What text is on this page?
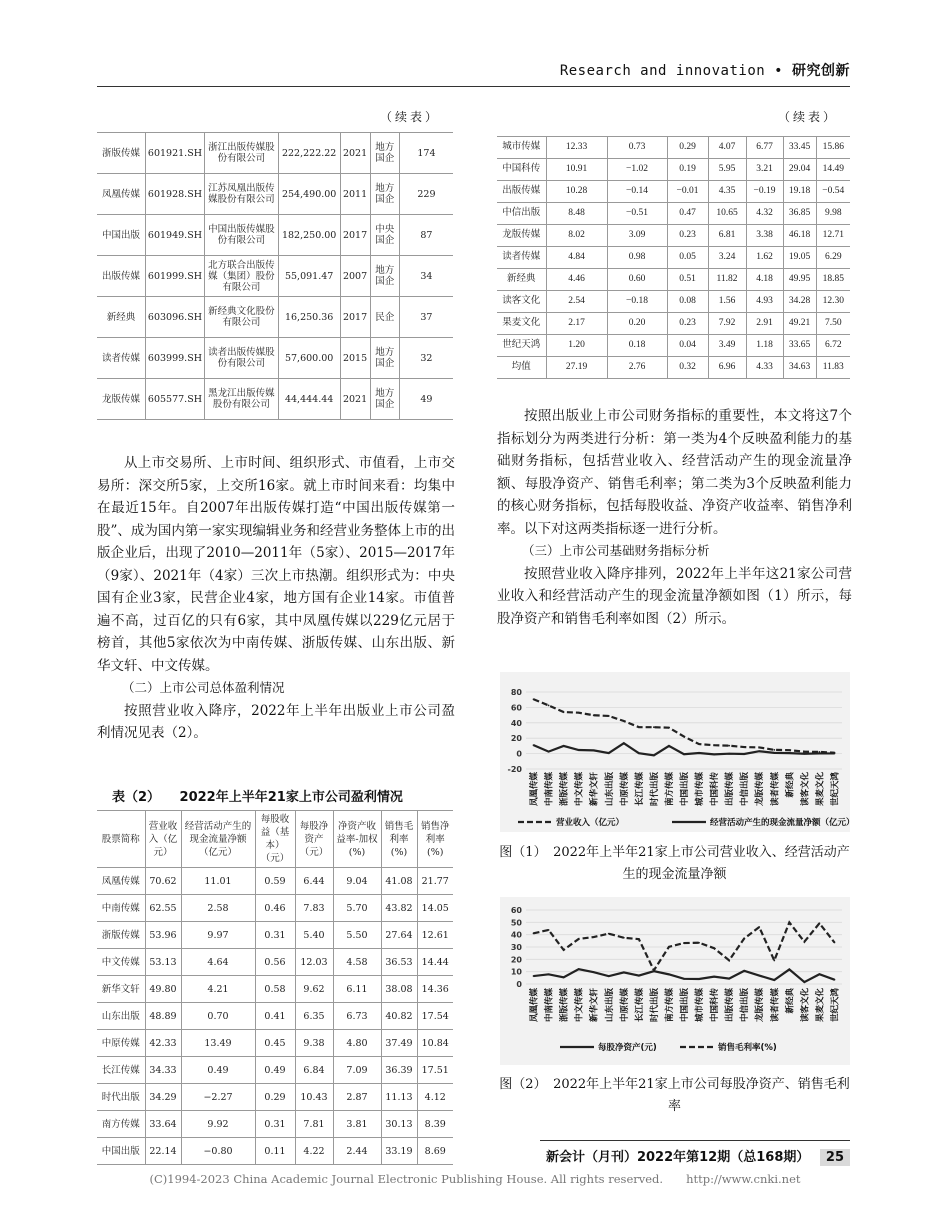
Research and innovation • 研究创新
（续表）
浙版传媒	601921.SH	浙江出版传媒股份有限公司	222,222.22	2021	地方国企	174
凤凰传媒	601928.SH	江苏凤凰出版传媒股份有限公司	254,490.00	2011	地方国企	229
中国出版	601949.SH	中国出版传媒股份有限公司	182,250.00	2017	中央国企	87
出版传媒	601999.SH	北方联合出版传媒（集团）股份有限公司	55,091.47	2007	地方国企	34
新经典	603096.SH	新经典文化股份有限公司	16,250.36	2017	民企	37
读者传媒	603999.SH	读者出版传媒股份有限公司	57,600.00	2015	地方国企	32
龙版传媒	605577.SH	黑龙江出版传媒股份有限公司	44,444.44	2021	地方国企	49

从上市交易所、上市时间、组织形式、市值看，上市交易所：深交所5家，上交所16家。就上市时间来看：均集中在最近15年。自2007年出版传媒打造“中国出版传媒第一股”、成为国内第一家实现编辑业务和经营业务整体上市的出版企业后，出现了2010—2011年（5家）、2015—2017年（9家）、2021年（4家）三次上市热潮。组织形式为：中央国有企业3家，民营企业4家，地方国有企业14家。市值普遍不高，过百亿的只有6家，其中凤凰传媒以229亿元居于榜首，其他5家依次为中南传媒、浙版传媒、山东出版、新华文轩、中文传媒。

（二）上市公司总体盈利情况

按照营业收入降序，2022年上半年出版业上市公司盈利情况见表（2）。

表（2）　　2022年上半年21家上市公司盈利情况
股票简称	营业收入（亿元）	经营活动产生的现金流量净额（亿元）	每股收益（基本）（元）	每股净资产（元）	净资产收益率-加权(%)	销售毛利率(%)	销售净利率(%)
凤凰传媒	70.62	11.01	0.59	6.44	9.04	41.08	21.77
中南传媒	62.55	2.58	0.46	7.83	5.70	43.82	14.05
浙版传媒	53.96	9.97	0.31	5.40	5.50	27.64	12.61
中文传媒	53.13	4.64	0.56	12.03	4.58	36.53	14.44
新华文轩	49.80	4.21	0.58	9.62	6.11	38.08	14.36
山东出版	48.89	0.70	0.41	6.35	6.73	40.82	17.54
中原传媒	42.33	13.49	0.45	9.38	4.80	37.49	10.84
长江传媒	34.33	0.49	0.49	6.84	7.09	36.39	17.51
时代出版	34.29	−2.27	0.29	10.43	2.87	11.13	4.12
南方传媒	33.64	9.92	0.31	7.81	3.81	30.13	8.39
中国出版	22.14	−0.80	0.11	4.22	2.44	33.19	8.69
（续表）
城市传媒	12.33	0.73	0.29	4.07	6.77	33.45	15.86
中国科传	10.91	−1.02	0.19	5.95	3.21	29.04	14.49
出版传媒	10.28	−0.14	−0.01	4.35	−0.19	19.18	−0.54
中信出版	8.48	−0.51	0.47	10.65	4.32	36.85	9.98
龙版传媒	8.02	3.09	0.23	6.81	3.38	46.18	12.71
读者传媒	4.84	0.98	0.05	3.24	1.62	19.05	6.29
新经典	4.46	0.60	0.51	11.82	4.18	49.95	18.85
读客文化	2.54	−0.18	0.08	1.56	4.93	34.28	12.30
果麦文化	2.17	0.20	0.23	7.92	2.91	49.21	7.50
世纪天鸿	1.20	0.18	0.04	3.49	1.18	33.65	6.72
均值	27.19	2.76	0.32	6.96	4.33	34.63	11.83

按照出版业上市公司财务指标的重要性，本文将这7个指标划分为两类进行分析：第一类为4个反映盈利能力的基础财务指标，包括营业收入、经营活动产生的现金流量净额、每股净资产、销售毛利率；第二类为3个反映盈利能力的核心财务指标，包括每股收益、净资产收益率、销售净利率。以下对这两类指标逐一进行分析。

（三）上市公司基础财务指标分析

按照营业收入降序排列，2022年上半年这21家公司营业收入和经营活动产生的现金流量净额如图（1）所示，每股净资产和销售毛利率如图（2）所示。

80
60
40
20
0
-20
凤凰传媒 中南传媒 浙版传媒 中文传媒 新华文轩 山东出版 中原传媒 长江传媒 时代出版 南方传媒 中国出版 城市传媒 中国科传 出版传媒 中信出版 龙版传媒 读者传媒 新经典 读客文化 果麦文化 世纪天鸿
营业收入（亿元）	经营活动产生的现金流量净额（亿元）
图（1）　2022年上半年21家上市公司营业收入、经营活动产生的现金流量净额
60
50
40
30
20
10
0
凤凰传媒 中南传媒 浙版传媒 中文传媒 新华文轩 山东出版 中原传媒 长江传媒 时代出版 南方传媒 中国出版 城市传媒 中国科传 出版传媒 中信出版 龙版传媒 读者传媒 新经典 读客文化 果麦文化 世纪天鸿
每股净资产(元)	销售毛利率(%)
图（2）　2022年上半年21家上市公司每股净资产、销售毛利率
新会计（月刊）2022年第12期（总168期） 25
(C)1994-2023 China Academic Journal Electronic Publishing House. All rights reserved.　　http://www.cnki.net
